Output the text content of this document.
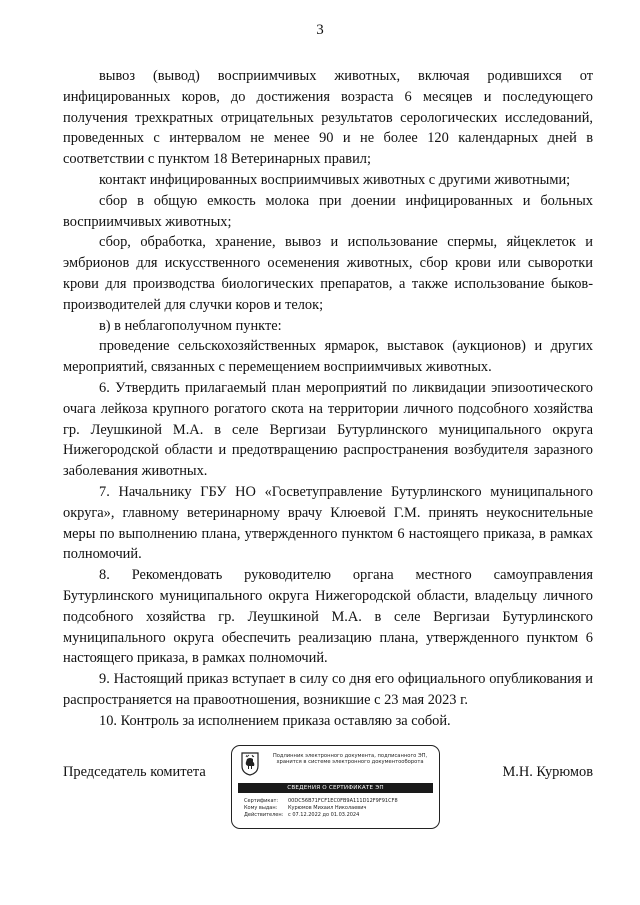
3

вывоз (вывод) восприимчивых животных, включая родившихся от инфицированных коров, до достижения возраста 6 месяцев и последующего получения трехкратных отрицательных результатов серологических исследований, проведенных с интервалом не менее 90 и не более 120 календарных дней в соответствии с пунктом 18 Ветеринарных правил;

контакт инфицированных восприимчивых животных с другими животными;

сбор в общую емкость молока при доении инфицированных и больных восприимчивых животных;

сбор, обработка, хранение, вывоз и использование спермы, яйцеклеток и эмбрионов для искусственного осеменения животных, сбор крови или сыворотки крови для производства биологических препаратов, а также использование быков-производителей для случки коров и телок;

в) в неблагополучном пункте:

проведение сельскохозяйственных ярмарок, выставок (аукционов) и других мероприятий, связанных с перемещением восприимчивых животных.

6. Утвердить прилагаемый план мероприятий по ликвидации эпизоотического очага лейкоза крупного рогатого скота на территории личного подсобного хозяйства гр. Леушкиной М.А. в селе Вергизаи Бутурлинского муниципального округа Нижегородской области и предотвращению распространения возбудителя заразного заболевания животных.

7. Начальнику ГБУ НО «Госветуправление Бутурлинского муниципального округа», главному ветеринарному врачу Клюевой Г.М. принять неукоснительные меры по выполнению плана, утвержденного пунктом 6 настоящего приказа, в рамках полномочий.

8. Рекомендовать руководителю органа местного самоуправления Бутурлинского муниципального округа Нижегородской области, владельцу личного подсобного хозяйства гр. Леушкиной М.А. в селе Вергизаи Бутурлинского муниципального округа обеспечить реализацию плана, утвержденного пунктом 6 настоящего приказа, в рамках полномочий.

9. Настоящий приказ вступает в силу со дня его официального опубликования и распространяется на правоотношения, возникшие с 23 мая 2023 г.

10. Контроль за исполнением приказа оставляю за собой.

Председатель комитета	М.Н. Курюмов
Подлинник электронного документа, подписанного ЭП,
хранится в системе электронного документооборота
СВЕДЕНИЯ О СЕРТИФИКАТЕ ЭП
Сертификат: 00DC56B71FCF1EC0FB9A111D12F9F91CF8
Кому выдан: Курюмов Михаил Николаевич
Действителен: с 07.12.2022 до 01.03.2024
